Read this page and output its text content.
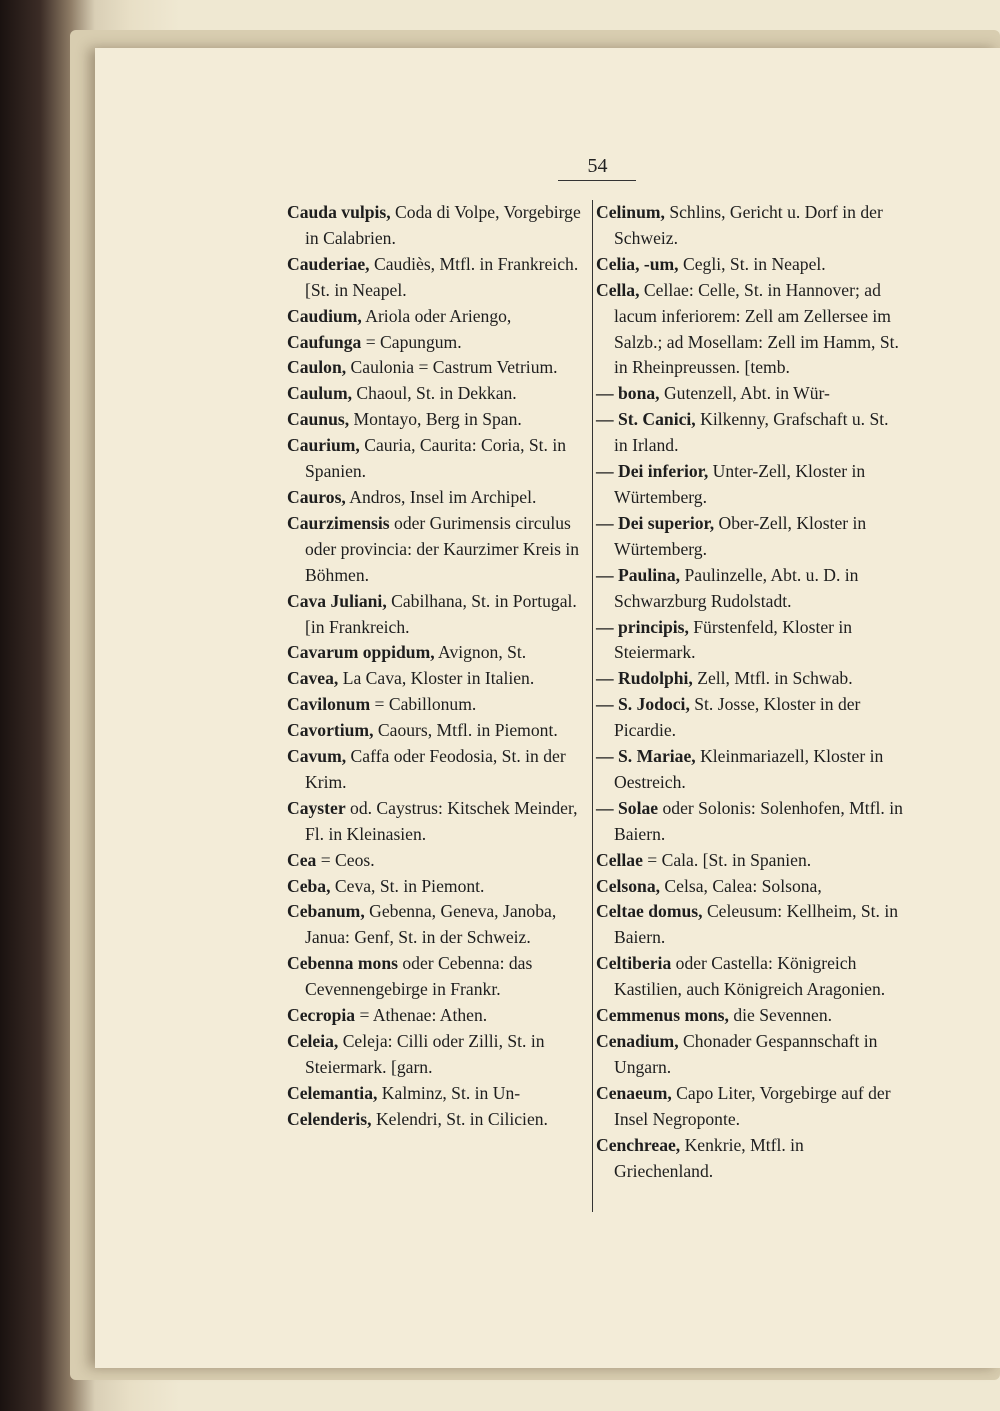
54

Cauda vulpis, Coda di Volpe, Vorgebirge in Calabrien.

Cauderiae, Caudiès, Mtfl. in Frankreich. [St. in Neapel.

Caudium, Ariola oder Ariengo,

Caufunga = Capungum.

Caulon, Caulonia = Castrum Vetrium.

Caulum, Chaoul, St. in Dekkan.

Caunus, Montayo, Berg in Span.

Caurium, Cauria, Caurita: Coria, St. in Spanien.

Cauros, Andros, Insel im Archipel.

Caurzimensis oder Gurimensis circulus oder provincia: der Kaurzimer Kreis in Böhmen.

Cava Juliani, Cabilhana, St. in Portugal. [in Frankreich.

Cavarum oppidum, Avignon, St.

Cavea, La Cava, Kloster in Italien.

Cavilonum = Cabillonum.

Cavortium, Caours, Mtfl. in Piemont.

Cavum, Caffa oder Feodosia, St. in der Krim.

Cayster od. Caystrus: Kitschek Meinder, Fl. in Kleinasien.

Cea = Ceos.

Ceba, Ceva, St. in Piemont.

Cebanum, Gebenna, Geneva, Janoba, Janua: Genf, St. in der Schweiz.

Cebenna mons oder Cebenna: das Cevennengebirge in Frankr.

Cecropia = Athenae: Athen.

Celeia, Celeja: Cilli oder Zilli, St. in Steiermark. [garn.

Celemantia, Kalminz, St. in Un-

Celenderis, Kelendri, St. in Cilicien.

Celinum, Schlins, Gericht u. Dorf in der Schweiz.

Celia, -um, Cegli, St. in Neapel.

Cella, Cellae: Celle, St. in Hannover; ad lacum inferiorem: Zell am Zellersee im Salzb.; ad Mosellam: Zell im Hamm, St. in Rheinpreussen. [temb.

— bona, Gutenzell, Abt. in Wür-

— St. Canici, Kilkenny, Grafschaft u. St. in Irland.

— Dei inferior, Unter-Zell, Kloster in Würtemberg.

— Dei superior, Ober-Zell, Kloster in Würtemberg.

— Paulina, Paulinzelle, Abt. u. D. in Schwarzburg Rudolstadt.

— principis, Fürstenfeld, Kloster in Steiermark.

— Rudolphi, Zell, Mtfl. in Schwab.

— S. Jodoci, St. Josse, Kloster in der Picardie.

— S. Mariae, Kleinmariazell, Kloster in Oestreich.

— Solae oder Solonis: Solenhofen, Mtfl. in Baiern.

Cellae = Cala. [St. in Spanien.

Celsona, Celsa, Calea: Solsona,

Celtae domus, Celeusum: Kellheim, St. in Baiern.

Celtiberia oder Castella: Königreich Kastilien, auch Königreich Aragonien.

Cemmenus mons, die Sevennen.

Cenadium, Chonader Gespannschaft in Ungarn.

Cenaeum, Capo Liter, Vorgebirge auf der Insel Negroponte.

Cenchreae, Kenkrie, Mtfl. in Griechenland.
